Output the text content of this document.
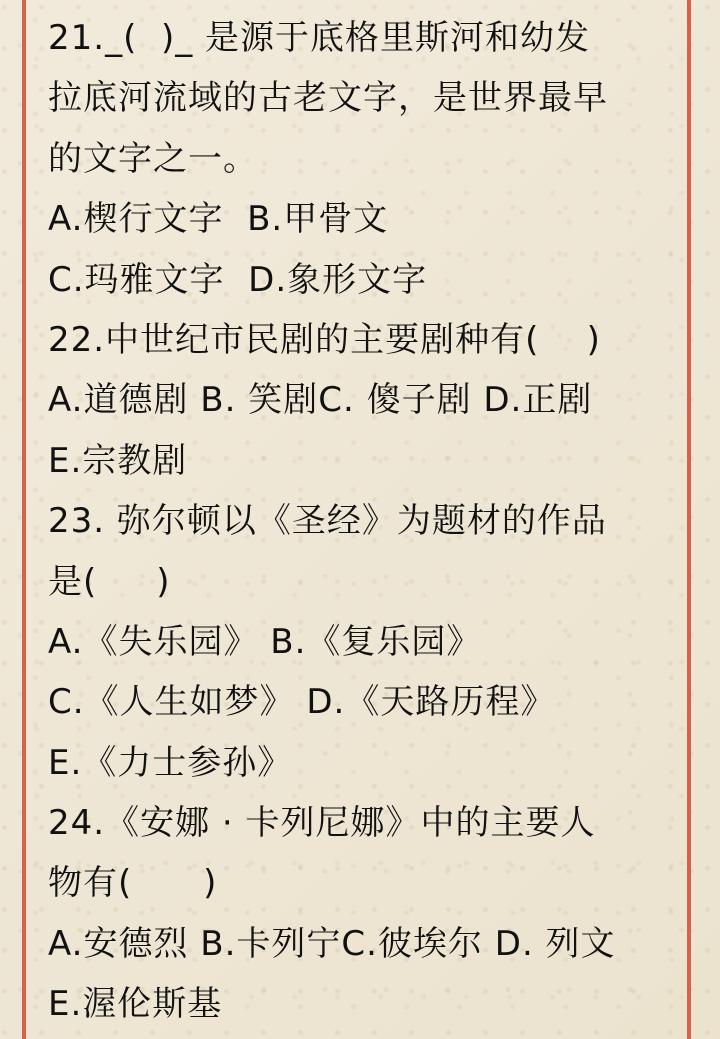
21._(  )_ 是源于底格里斯河和幼发
拉底河流域的古老文字，是世界最早
的文字之一。
A.楔行文字  B.甲骨文
C.玛雅文字  D.象形文字
22.中世纪市民剧的主要剧种有(    )
A.道德剧 B. 笑剧C. 傻子剧 D.正剧
E.宗教剧
23. 弥尔顿以《圣经》为题材的作品
是(     )
A.《失乐园》 B.《复乐园》
C.《人生如梦》 D.《天路历程》
E.《力士参孙》
24.《安娜 · 卡列尼娜》中的主要人
物有(      )
A.安德烈 B.卡列宁C.彼埃尔 D. 列文
E.渥伦斯基
